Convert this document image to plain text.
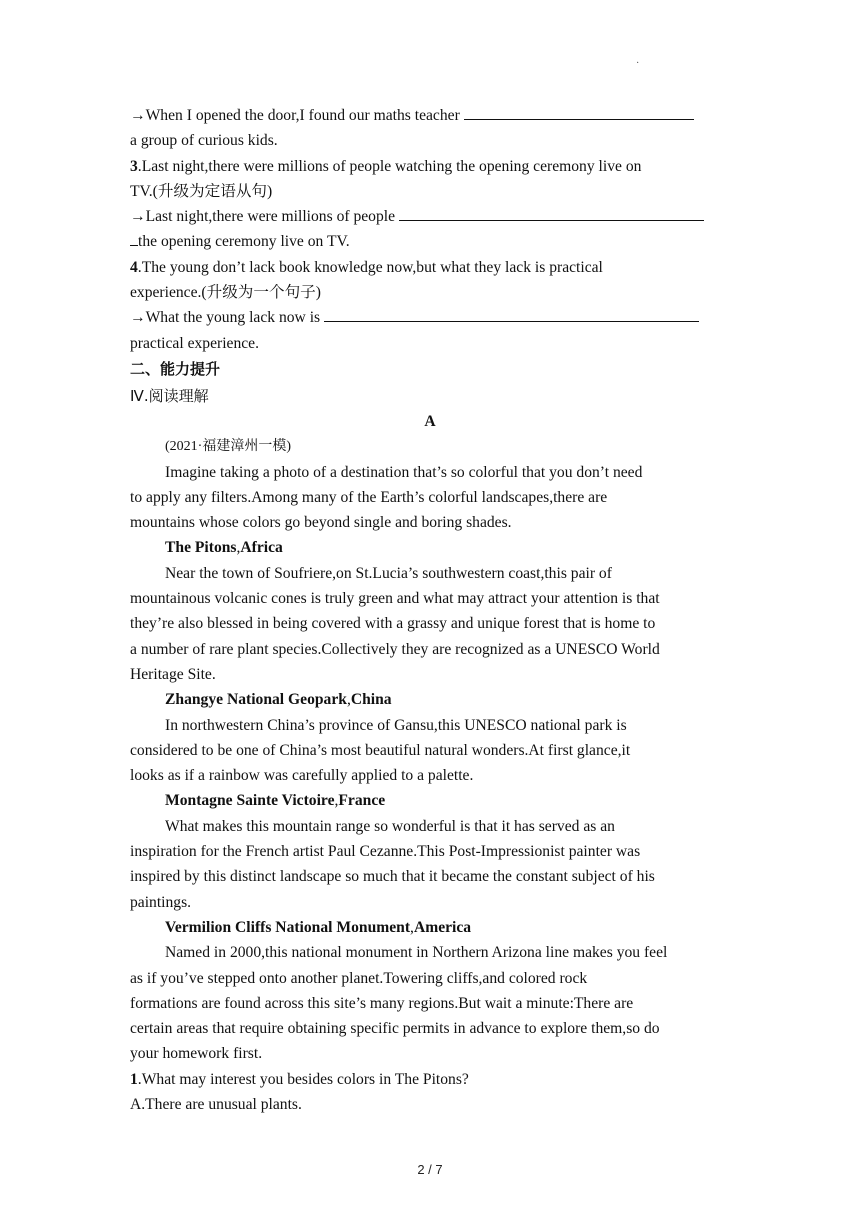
·
→When I opened the door,I found our maths teacher
a group of curious kids.
3.Last night,there were millions of people watching the opening ceremony live on
TV.(升级为定语从句)
→Last night,there were millions of people
the opening ceremony live on TV.
4.The young don’t lack book knowledge now,but what they lack is practical
experience.(升级为一个句子)
→What the young lack now is
practical experience.
二、能力提升
Ⅳ.阅读理解
A
(2021·福建漳州一模)
Imagine taking a photo of a destination that’s so colorful that you don’t need
to apply any filters.Among many of the Earth’s colorful landscapes,there are
mountains whose colors go beyond single and boring shades.
The Pitons,Africa
Near the town of Soufriere,on St.Lucia’s southwestern coast,this pair of
mountainous volcanic cones is truly green and what may attract your attention is that
they’re also blessed in being covered with a grassy and unique forest that is home to
a number of rare plant species.Collectively they are recognized as a UNESCO World
Heritage Site.
Zhangye National Geopark,China
In northwestern China’s province of Gansu,this UNESCO national park is
considered to be one of China’s most beautiful natural wonders.At first glance,it
looks as if a rainbow was carefully applied to a palette.
Montagne Sainte Victoire,France
What makes this mountain range so wonderful is that it has served as an
inspiration for the French artist Paul Cezanne.This Post-Impressionist painter was
inspired by this distinct landscape so much that it became the constant subject of his
paintings.
Vermilion Cliffs National Monument,America
Named in 2000,this national monument in Northern Arizona line makes you feel
as if you’ve stepped onto another planet.Towering cliffs,and colored rock
formations are found across this site’s many regions.But wait a minute:There are
certain areas that require obtaining specific permits in advance to explore them,so do
your homework first.
1.What may interest you besides colors in The Pitons?
A.There are unusual plants.
2 / 7
